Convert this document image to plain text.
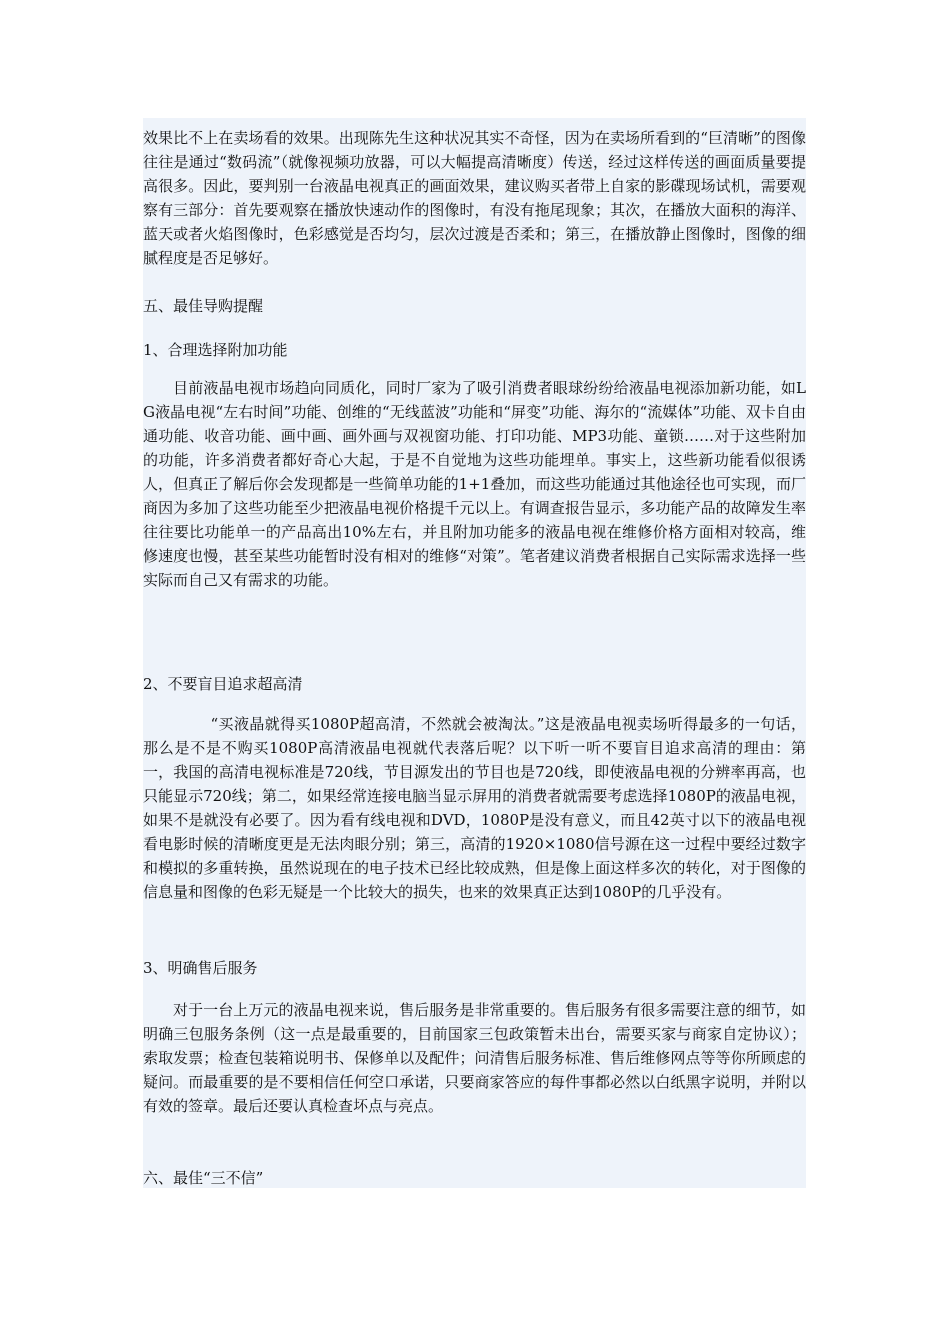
效果比不上在卖场看的效果。出现陈先生这种状况其实不奇怪，因为在卖场所看到的“巨清晰”的图像往往是通过“数码流”（就像视频功放器，可以大幅提高清晰度）传送，经过这样传送的画面质量要提高很多。因此，要判别一台液晶电视真正的画面效果，建议购买者带上自家的影碟现场试机，需要观察有三部分：首先要观察在播放快速动作的图像时，有没有拖尾现象；其次，在播放大面积的海洋、蓝天或者火焰图像时，色彩感觉是否均匀，层次过渡是否柔和；第三，在播放静止图像时，图像的细腻程度是否足够好。

五、最佳导购提醒

1、合理选择附加功能

目前液晶电视市场趋向同质化，同时厂家为了吸引消费者眼球纷纷给液晶电视添加新功能，如LG液晶电视“左右时间”功能、创维的“无线蓝波”功能和“屏变”功能、海尔的“流媒体”功能、双卡自由通功能、收音功能、画中画、画外画与双视窗功能、打印功能、MP3功能、童锁……对于这些附加的功能，许多消费者都好奇心大起，于是不自觉地为这些功能埋单。事实上，这些新功能看似很诱人，但真正了解后你会发现都是一些简单功能的1+1叠加，而这些功能通过其他途径也可实现，而厂商因为多加了这些功能至少把液晶电视价格提千元以上。有调查报告显示，多功能产品的故障发生率往往要比功能单一的产品高出10%左右，并且附加功能多的液晶电视在维修价格方面相对较高，维修速度也慢，甚至某些功能暂时没有相对的维修“对策”。笔者建议消费者根据自己实际需求选择一些实际而自己又有需求的功能。

2、不要盲目追求超高清

“买液晶就得买1080P超高清，不然就会被淘汰。”这是液晶电视卖场听得最多的一句话，那么是不是不购买1080P高清液晶电视就代表落后呢？以下听一听不要盲目追求高清的理由：第一，我国的高清电视标准是720线，节目源发出的节目也是720线，即使液晶电视的分辨率再高，也只能显示720线；第二，如果经常连接电脑当显示屏用的消费者就需要考虑选择1080P的液晶电视，如果不是就没有必要了。因为看有线电视和DVD，1080P是没有意义，而且42英寸以下的液晶电视看电影时候的清晰度更是无法肉眼分别；第三，高清的1920×1080信号源在这一过程中要经过数字和模拟的多重转换，虽然说现在的电子技术已经比较成熟，但是像上面这样多次的转化，对于图像的信息量和图像的色彩无疑是一个比较大的损失，也来的效果真正达到1080P的几乎没有。

3、明确售后服务

对于一台上万元的液晶电视来说，售后服务是非常重要的。售后服务有很多需要注意的细节，如明确三包服务条例（这一点是最重要的，目前国家三包政策暂未出台，需要买家与商家自定协议）；索取发票；检查包装箱说明书、保修单以及配件；问清售后服务标准、售后维修网点等等你所顾虑的疑问。而最重要的是不要相信任何空口承诺，只要商家答应的每件事都必然以白纸黑字说明，并附以有效的签章。最后还要认真检查坏点与亮点。

六、最佳“三不信”
